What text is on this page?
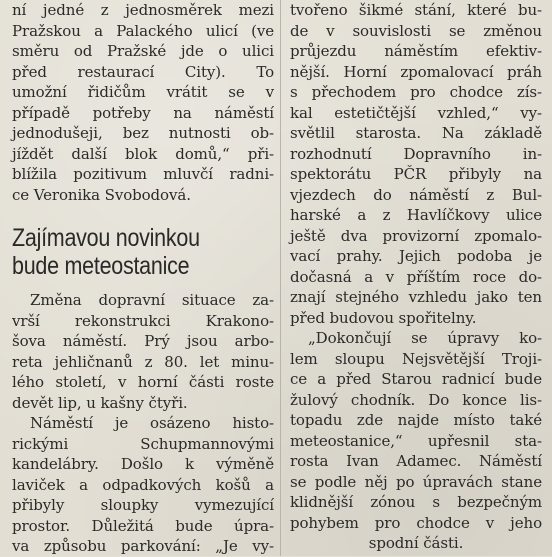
ní jedné z jednosměrek mezi
Pražskou a Palackého ulicí (ve
směru od Pražské jde o ulici
před restaurací City). To
umožní řidičům vrátit se v
případě potřeby na náměstí
jednodušeji, bez nutnosti ob-
jíždět další blok domů,“ při-
blížila pozitivum mluvčí radni-
ce Veronika Svobodová.
Zajímavou novinkou
bude meteostanice
Změna dopravní situace za-
vrší rekonstrukci Krakono-
šova náměstí. Prý jsou arbo-
reta jehličnanů z 80. let minu-
lého století, v horní části roste
devět lip, u kašny čtyři.
Náměstí je osázeno histo-
rickými Schupmannovými
kandelábry. Došlo k výměně
laviček a odpadkových košů a
přibyly sloupky vymezující
prostor. Důležitá bude úpra-
va způsobu parkování: „Je vy-
tvořeno šikmé stání, které bu-
de v souvislosti se změnou
průjezdu náměstím efektiv-
nější. Horní zpomalovací práh
s přechodem pro chodce zís-
kal estetičtější vzhled,“ vy-
světlil starosta. Na základě
rozhodnutí Dopravního in-
spektorátu PČR přibyly na
vjezdech do náměstí z Bul-
harské a z Havlíčkovy ulice
ještě dva provizorní zpomalo-
vací prahy. Jejich podoba je
dočasná a v příštím roce do-
znají stejného vzhledu jako ten
před budovou spořitelny.
„Dokončují se úpravy ko-
lem sloupu Nejsvětější Troji-
ce a před Starou radnicí bude
žulový chodník. Do konce lis-
topadu zde najde místo také
meteostanice,“ upřesnil sta-
rosta Ivan Adamec. Náměstí
se podle něj po úpravách stane
klidnější zónou s bezpečným
pohybem pro chodce v jeho
spodní části.
